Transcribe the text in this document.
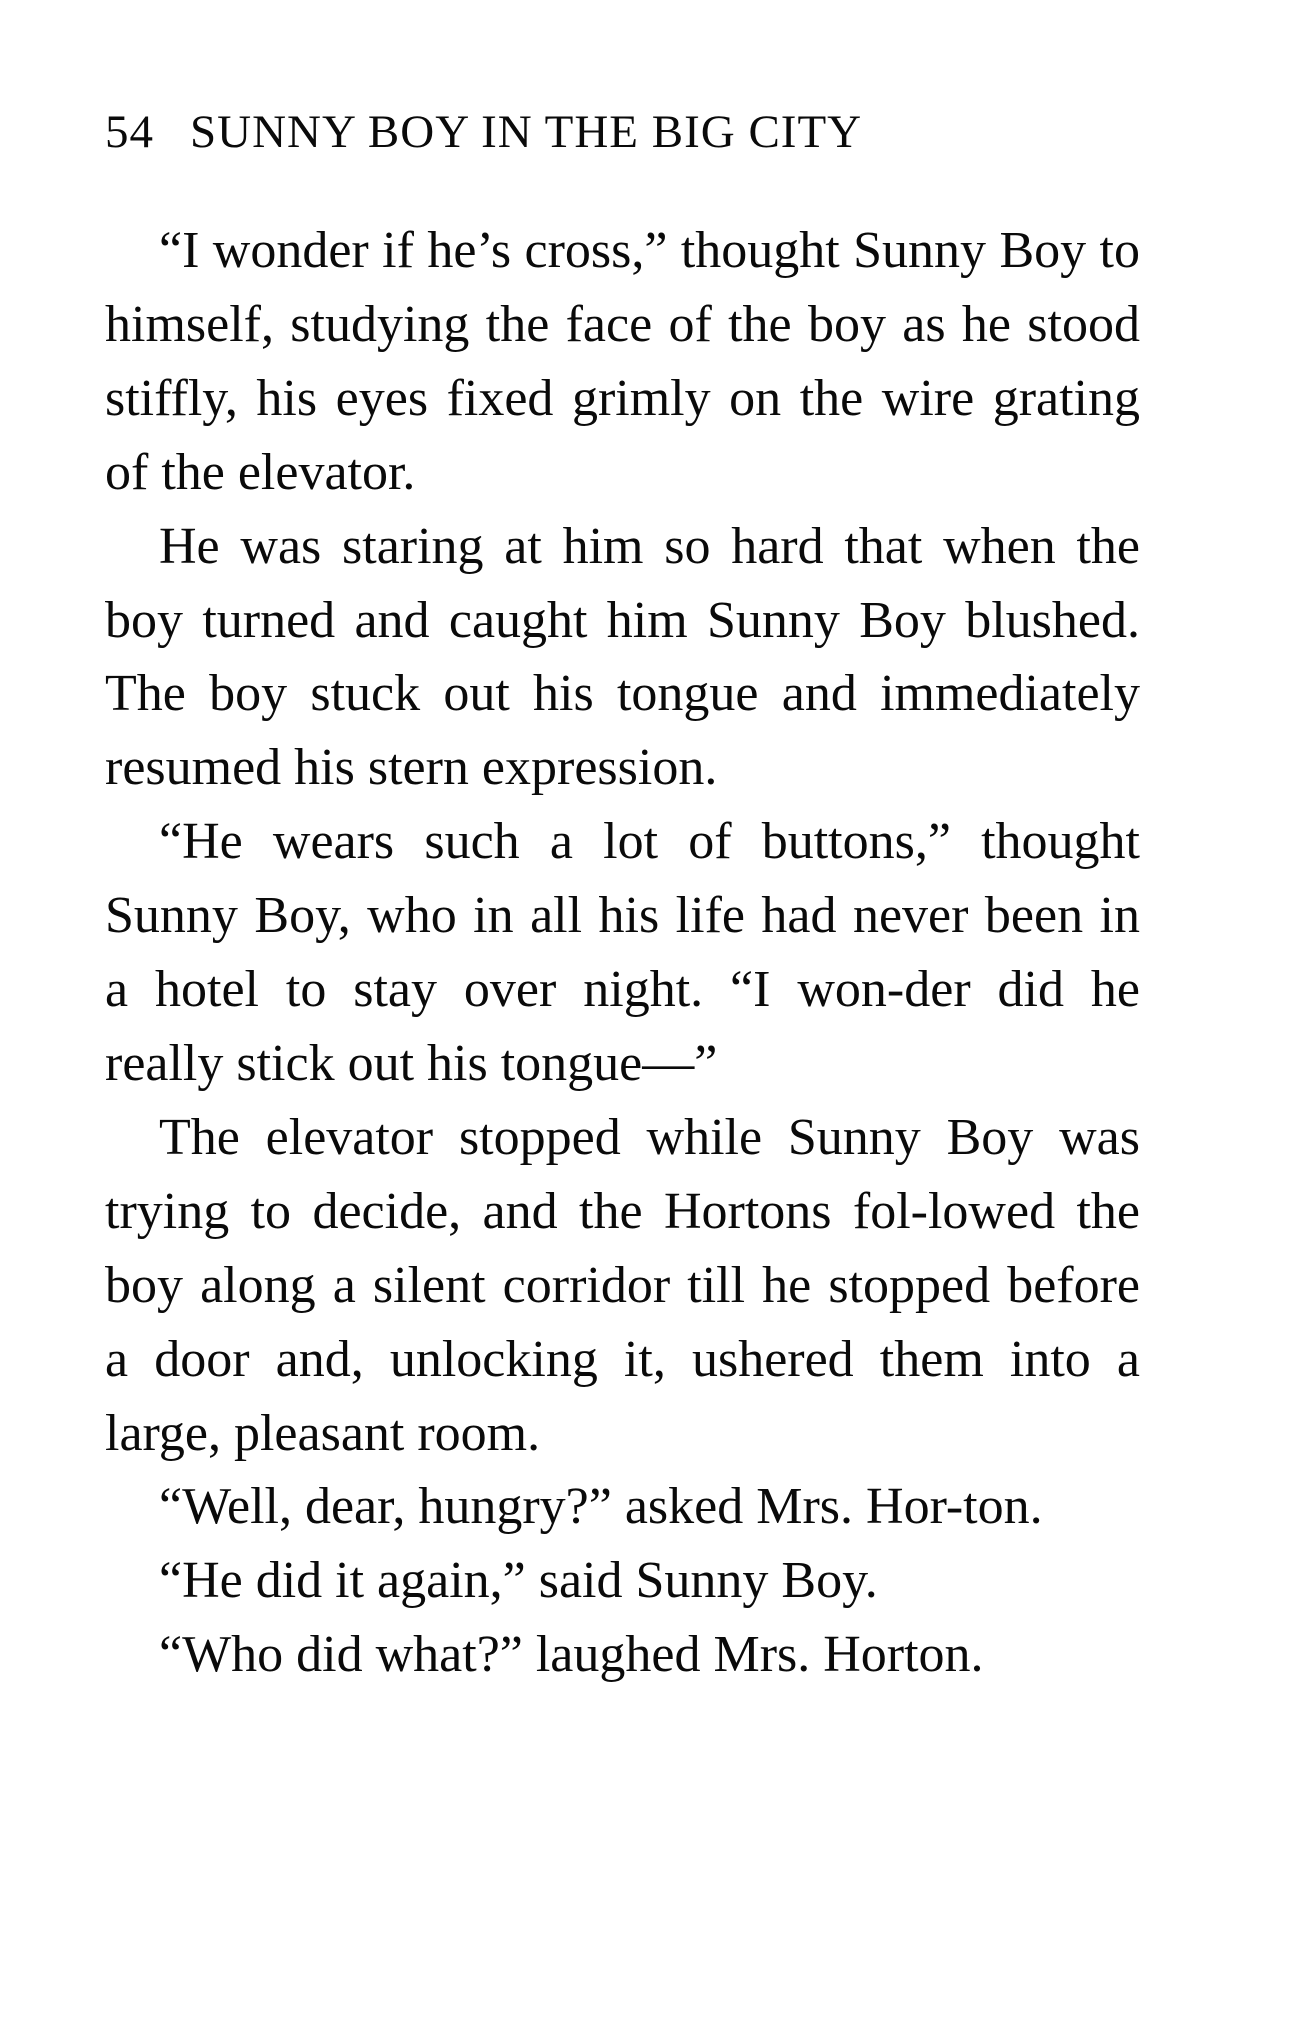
54 SUNNY BOY IN THE BIG CITY

“I wonder if he’s cross,” thought Sunny Boy to himself, studying the face of the boy as he stood stiffly, his eyes fixed grimly on the wire grating of the elevator.

He was staring at him so hard that when the boy turned and caught him Sunny Boy blushed. The boy stuck out his tongue and immediately resumed his stern expression.

“He wears such a lot of buttons,” thought Sunny Boy, who in all his life had never been in a hotel to stay over night. “I won-der did he really stick out his tongue—”

The elevator stopped while Sunny Boy was trying to decide, and the Hortons fol-lowed the boy along a silent corridor till he stopped before a door and, unlocking it, ushered them into a large, pleasant room.

“Well, dear, hungry?” asked Mrs. Hor-ton.

“He did it again,” said Sunny Boy.

“Who did what?” laughed Mrs. Horton.
